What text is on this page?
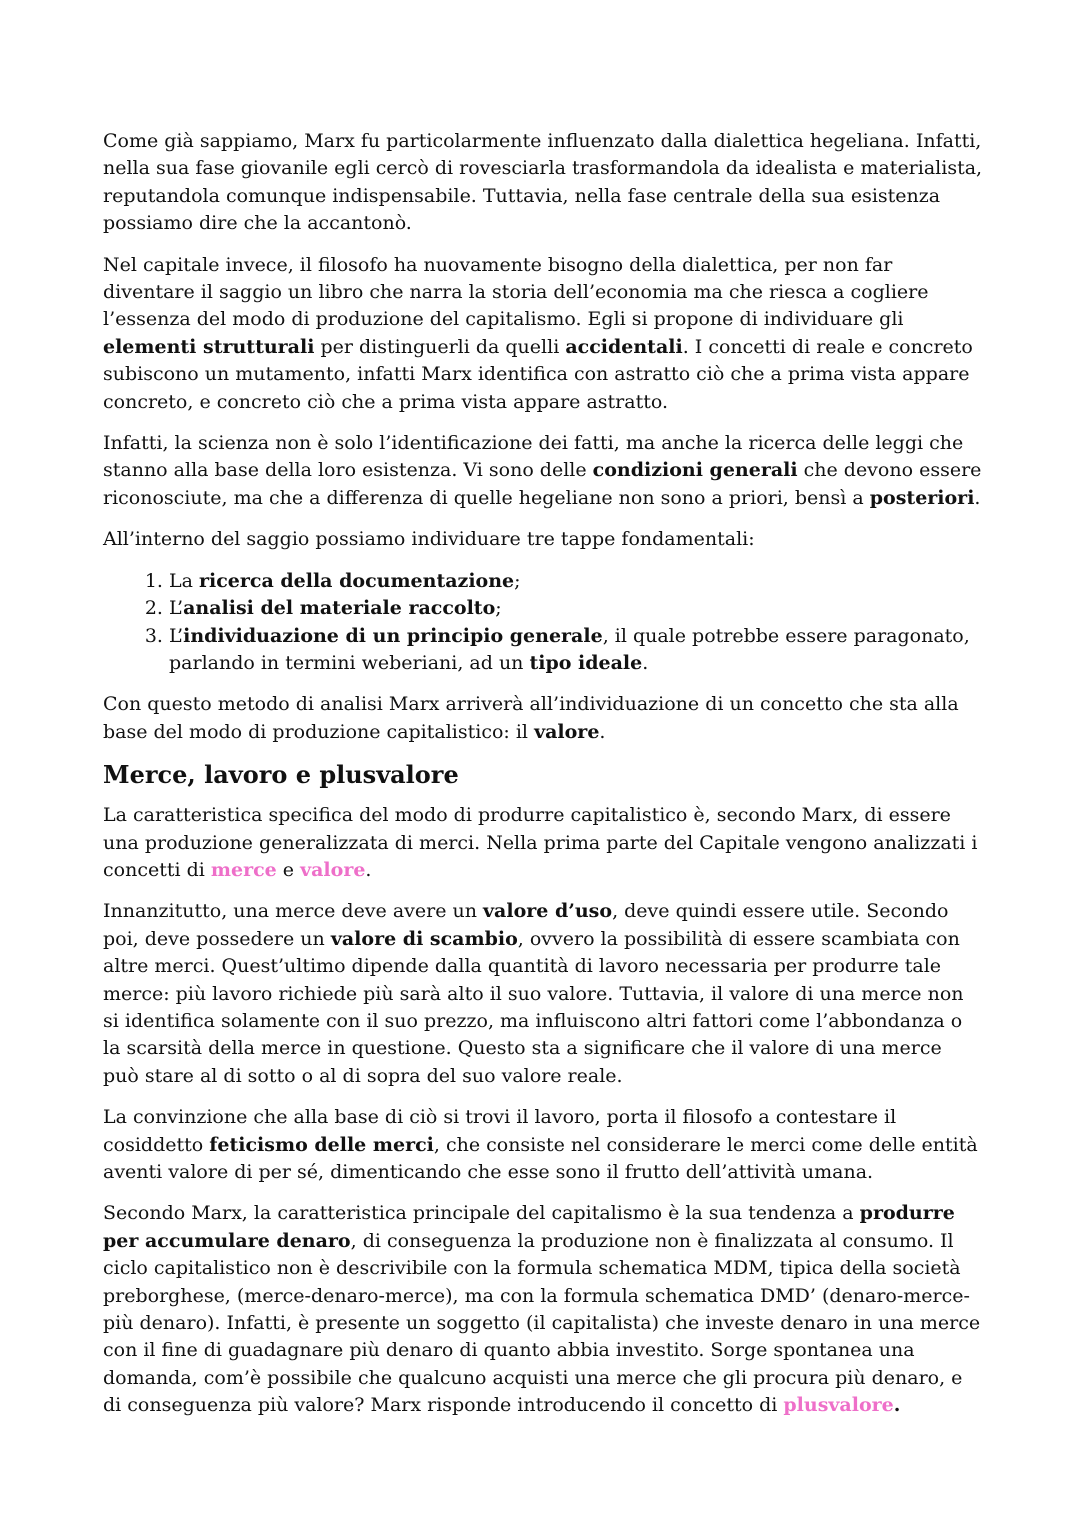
Come già sappiamo, Marx fu particolarmente influenzato dalla dialettica hegeliana. Infatti, nella sua fase giovanile egli cercò di rovesciarla trasformandola da idealista e materialista, reputandola comunque indispensabile. Tuttavia, nella fase centrale della sua esistenza possiamo dire che la accantonò.

Nel capitale invece, il filosofo ha nuovamente bisogno della dialettica, per non far diventare il saggio un libro che narra la storia dell’economia ma che riesca a cogliere l’essenza del modo di produzione del capitalismo. Egli si propone di individuare gli elementi strutturali per distinguerli da quelli accidentali. I concetti di reale e concreto subiscono un mutamento, infatti Marx identifica con astratto ciò che a prima vista appare concreto, e concreto ciò che a prima vista appare astratto.

Infatti, la scienza non è solo l’identificazione dei fatti, ma anche la ricerca delle leggi che stanno alla base della loro esistenza. Vi sono delle condizioni generali che devono essere riconosciute, ma che a differenza di quelle hegeliane non sono a priori, bensì a posteriori.

All’interno del saggio possiamo individuare tre tappe fondamentali:

1. La ricerca della documentazione;
2. L’analisi del materiale raccolto;
3. L’individuazione di un principio generale, il quale potrebbe essere paragonato, parlando in termini weberiani, ad un tipo ideale.

Con questo metodo di analisi Marx arriverà all’individuazione di un concetto che sta alla base del modo di produzione capitalistico: il valore.

Merce, lavoro e plusvalore

La caratteristica specifica del modo di produrre capitalistico è, secondo Marx, di essere una produzione generalizzata di merci. Nella prima parte del Capitale vengono analizzati i concetti di merce e valore.

Innanzitutto, una merce deve avere un valore d’uso, deve quindi essere utile. Secondo poi, deve possedere un valore di scambio, ovvero la possibilità di essere scambiata con altre merci. Quest’ultimo dipende dalla quantità di lavoro necessaria per produrre tale merce: più lavoro richiede più sarà alto il suo valore. Tuttavia, il valore di una merce non si identifica solamente con il suo prezzo, ma influiscono altri fattori come l’abbondanza o la scarsità della merce in questione. Questo sta a significare che il valore di una merce può stare al di sotto o al di sopra del suo valore reale.

La convinzione che alla base di ciò si trovi il lavoro, porta il filosofo a contestare il cosiddetto feticismo delle merci, che consiste nel considerare le merci come delle entità aventi valore di per sé, dimenticando che esse sono il frutto dell’attività umana.

Secondo Marx, la caratteristica principale del capitalismo è la sua tendenza a produrre per accumulare denaro, di conseguenza la produzione non è finalizzata al consumo. Il ciclo capitalistico non è descrivibile con la formula schematica MDM, tipica della società preborghese, (merce-denaro-merce), ma con la formula schematica DMD’ (denaro-merce-più denaro). Infatti, è presente un soggetto (il capitalista) che investe denaro in una merce con il fine di guadagnare più denaro di quanto abbia investito. Sorge spontanea una domanda, com’è possibile che qualcuno acquisti una merce che gli procura più denaro, e di conseguenza più valore? Marx risponde introducendo il concetto di plusvalore.
